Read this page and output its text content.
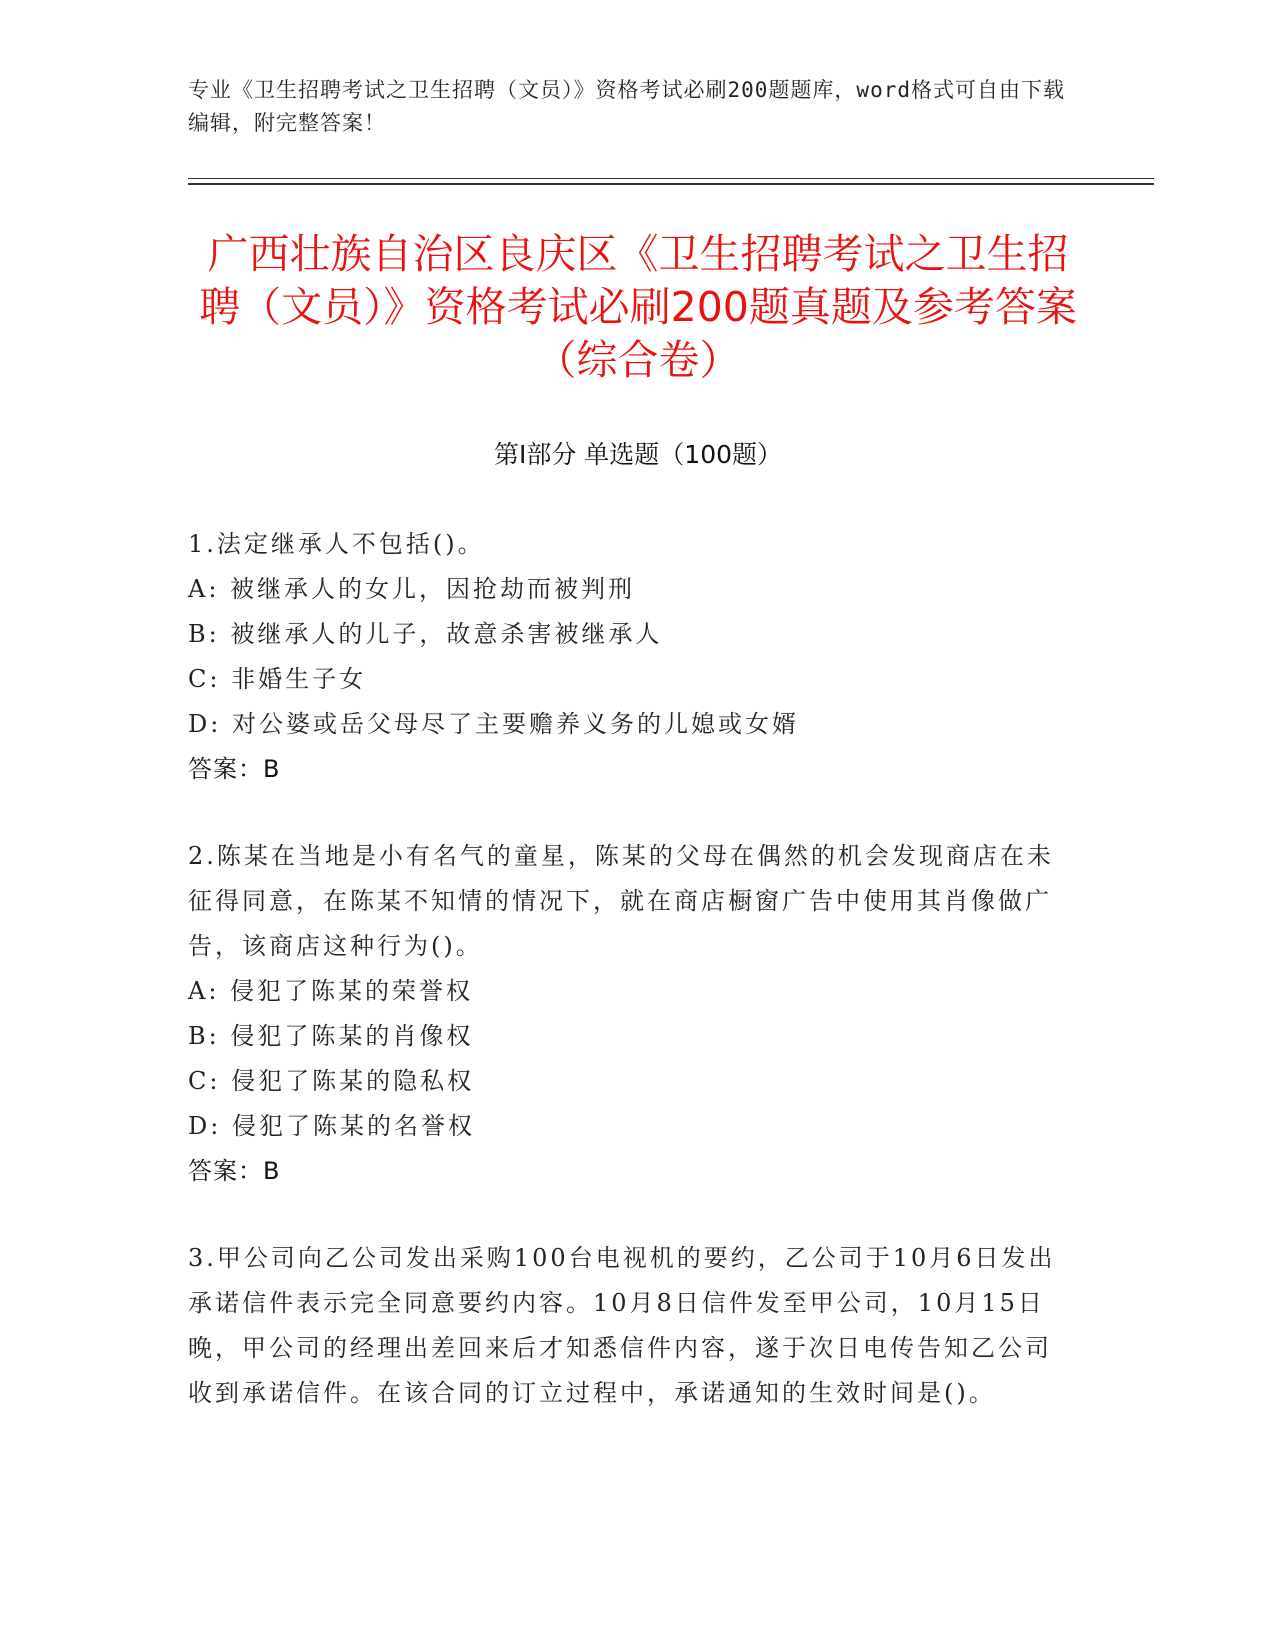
专业《卫生招聘考试之卫生招聘（文员）》资格考试必刷200题题库，word格式可自由下载编辑，附完整答案！
广西壮族自治区良庆区《卫生招聘考试之卫生招聘（文员）》资格考试必刷200题真题及参考答案（综合卷）
第Ⅰ部分 单选题（100题）

1.法定继承人不包括()。

A: 被继承人的女儿，因抢劫而被判刑

B: 被继承人的儿子，故意杀害被继承人

C: 非婚生子女

D: 对公婆或岳父母尽了主要赡养义务的儿媳或女婿

答案：B

2.陈某在当地是小有名气的童星，陈某的父母在偶然的机会发现商店在未征得同意，在陈某不知情的情况下，就在商店橱窗广告中使用其肖像做广告，该商店这种行为()。

A: 侵犯了陈某的荣誉权

B: 侵犯了陈某的肖像权

C: 侵犯了陈某的隐私权

D: 侵犯了陈某的名誉权

答案：B

3.甲公司向乙公司发出采购100台电视机的要约，乙公司于10月6日发出承诺信件表示完全同意要约内容。10月8日信件发至甲公司，10月15日晚，甲公司的经理出差回来后才知悉信件内容，遂于次日电传告知乙公司收到承诺信件。在该合同的订立过程中，承诺通知的生效时间是()。
